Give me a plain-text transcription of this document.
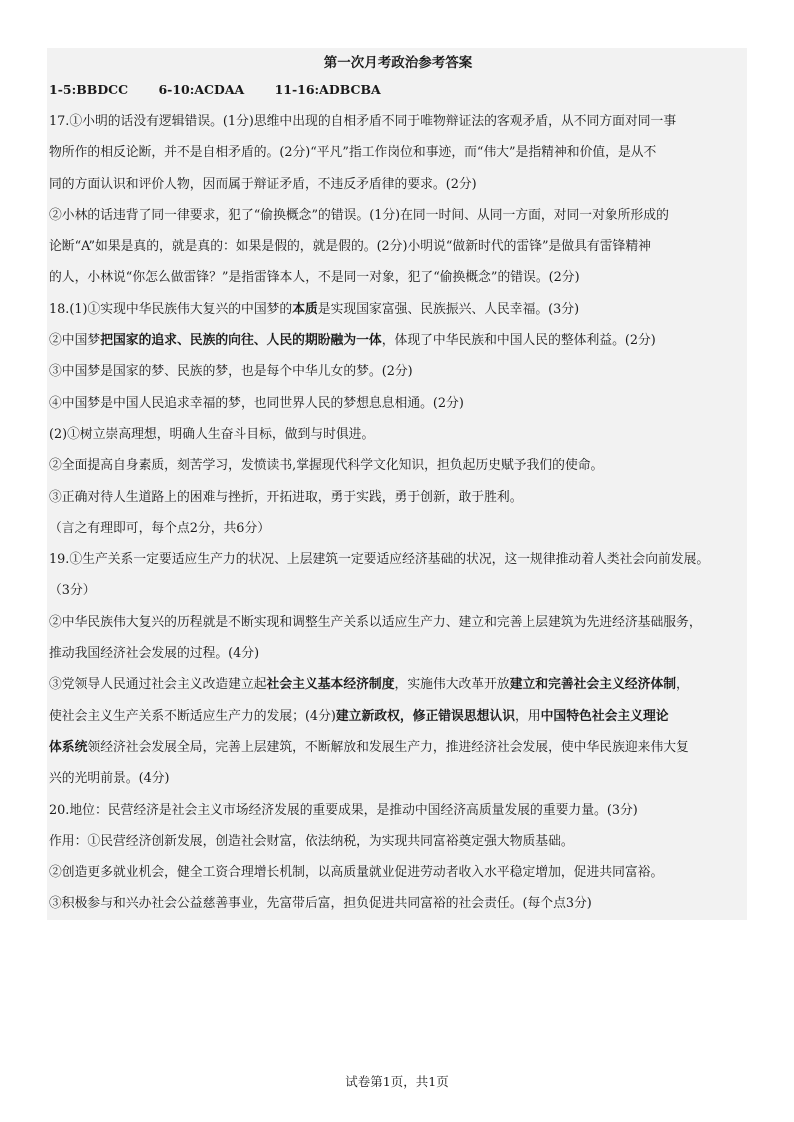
第一次月考政治参考答案
1-5:BBDCC 6-10:ACDAA 11-16:ADBCBA
17.①小明的话没有逻辑错误。(1分)思维中出现的自相矛盾不同于唯物辩证法的客观矛盾，从不同方面对同一事
物所作的相反论断，并不是自相矛盾的。(2分)“平凡”指工作岗位和事迹，而“伟大”是指精神和价值，是从不
同的方面认识和评价人物，因而属于辩证矛盾，不违反矛盾律的要求。(2分)
②小林的话违背了同一律要求，犯了“偷换概念”的错误。(1分)在同一时间、从同一方面，对同一对象所形成的
论断“A”如果是真的，就是真的：如果是假的，就是假的。(2分)小明说“做新时代的雷锋”是做具有雷锋精神
的人，小林说“你怎么做雷锋？”是指雷锋本人，不是同一对象，犯了“偷换概念”的错误。(2分)
18.(1)①实现中华民族伟大复兴的中国梦的本质是实现国家富强、民族振兴、人民幸福。(3分)
②中国梦把国家的追求、民族的向往、人民的期盼融为一体，体现了中华民族和中国人民的整体利益。(2分)
③中国梦是国家的梦、民族的梦，也是每个中华儿女的梦。(2分)
④中国梦是中国人民追求幸福的梦，也同世界人民的梦想息息相通。(2分)
(2)①树立崇高理想，明确人生奋斗目标，做到与时俱进。
②全面提高自身素质，刻苦学习，发愤读书,掌握现代科学文化知识，担负起历史赋予我们的使命。
③正确对待人生道路上的困难与挫折，开拓进取，勇于实践，勇于创新，敢于胜利。
（言之有理即可，每个点2分，共6分）
19.①生产关系一定要适应生产力的状况、上层建筑一定要适应经济基础的状况，这一规律推动着人类社会向前发展。
（3分）
②中华民族伟大复兴的历程就是不断实现和调整生产关系以适应生产力、建立和完善上层建筑为先进经济基础服务，
推动我国经济社会发展的过程。(4分)
③党领导人民通过社会主义改造建立起社会主义基本经济制度，实施伟大改革开放建立和完善社会主义经济体制，
使社会主义生产关系不断适应生产力的发展；(4分)建立新政权，修正错误思想认识，用中国特色社会主义理论
体系统领经济社会发展全局，完善上层建筑，不断解放和发展生产力，推进经济社会发展，使中华民族迎来伟大复
兴的光明前景。(4分)
20.地位：民营经济是社会主义市场经济发展的重要成果，是推动中国经济高质量发展的重要力量。(3分)
作用：①民营经济创新发展，创造社会财富，依法纳税，为实现共同富裕奠定强大物质基础。
②创造更多就业机会，健全工资合理增长机制，以高质量就业促进劳动者收入水平稳定增加，促进共同富裕。
③积极参与和兴办社会公益慈善事业，先富带后富，担负促进共同富裕的社会责任。(每个点3分)
试卷第1页，共1页
